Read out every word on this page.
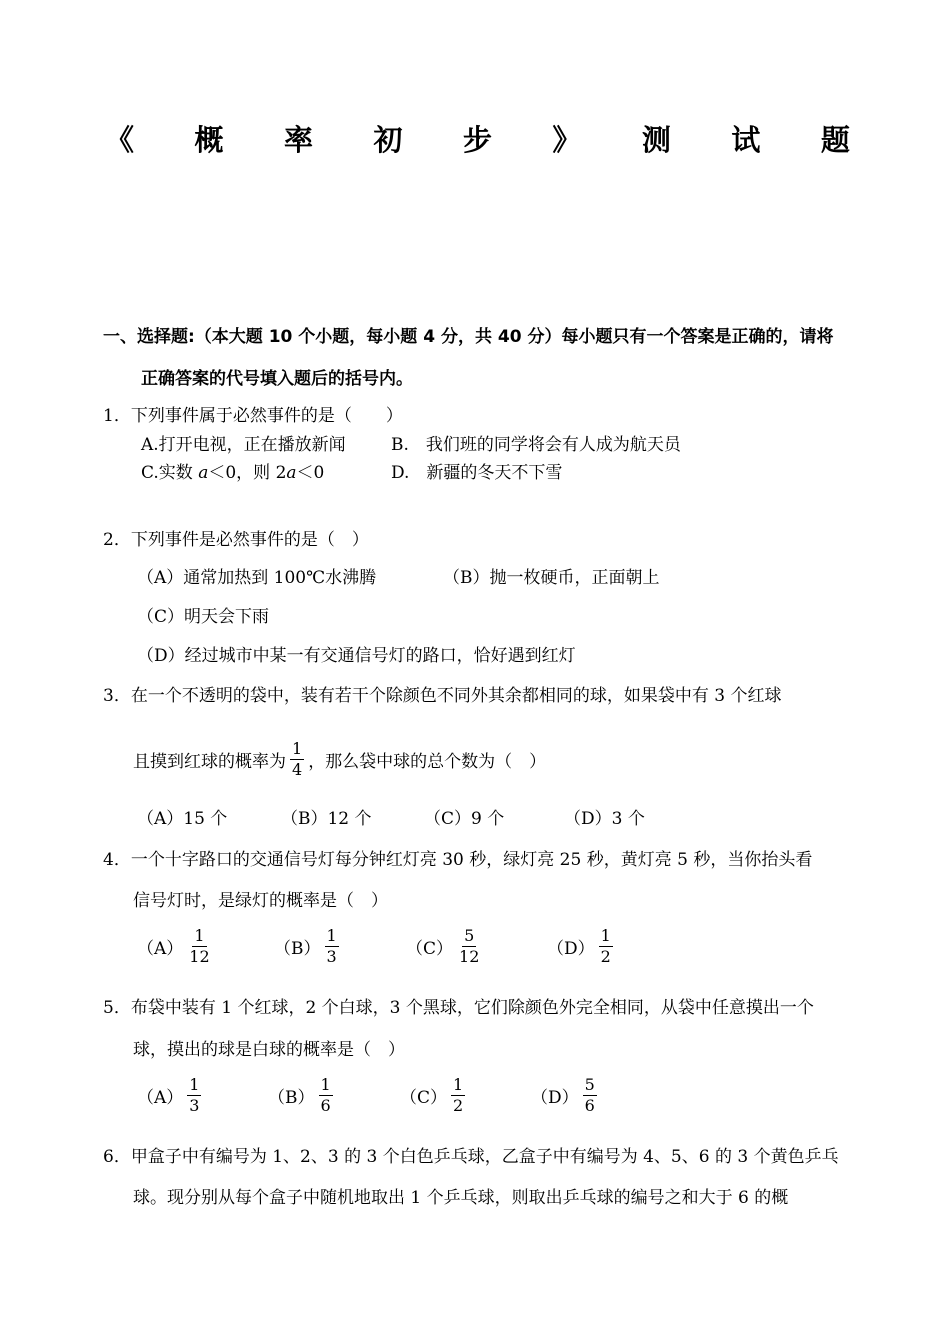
《 概 率 初 步 》 测 试 题
一、选择题:（本大题 10 个小题，每小题 4 分，共 40 分）每小题只有一个答案是正确的，请将
正确答案的代号填入题后的括号内。
1．下列事件属于必然事件的是（　　）
A.打开电视，正在播放新闻	B.　我们班的同学将会有人成为航天员
C.实数 a＜0，则 2a＜0	D.　新疆的冬天不下雪
2．下列事件是必然事件的是（　）
（A）通常加热到 100℃水沸腾	（B）抛一枚硬币，正面朝上
（C）明天会下雨
（D）经过城市中某一有交通信号灯的路口，恰好遇到红灯
3．在一个不透明的袋中，装有若干个除颜色不同外其余都相同的球，如果袋中有 3 个红球
且摸到红球的概率为 $\frac{1}{4}$ ，那么袋中球的总个数为（　）
（A）15 个	（B）12 个	（C）9 个	（D）3 个
4．一个十字路口的交通信号灯每分钟红灯亮 30 秒，绿灯亮 25 秒，黄灯亮 5 秒，当你抬头看
信号灯时，是绿灯的概率是（　）
$(A) \frac{1}{12}$	$(B) \frac{1}{3}$	$(C) \frac{5}{12}$	$(D) \frac{1}{2}$
5．布袋中装有 1 个红球，2 个白球，3 个黑球，它们除颜色外完全相同，从袋中任意摸出一个
球，摸出的球是白球的概率是（　）
$(A) \frac{1}{3}$	$(B) \frac{1}{6}$	$(C) \frac{1}{2}$	$(D) \frac{5}{6}$
6．甲盒子中有编号为 1、2、3 的 3 个白色乒乓球，乙盒子中有编号为 4、5、6 的 3 个黄色乒乓
球。现分别从每个盒子中随机地取出 1 个乒乓球，则取出乒乓球的编号之和大于 6 的概
